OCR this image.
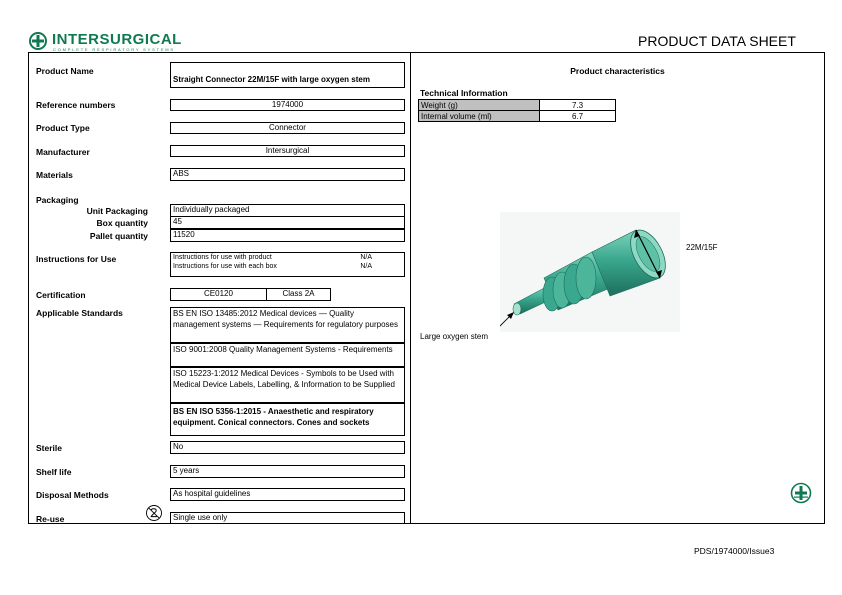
INTERSURGICAL
COMPLETE RESPIRATORY SYSTEMS
PRODUCT DATA SHEET
Product Name
Straight Connector 22M/15F with large oxygen stem
Reference numbers	1974000
Product Type	Connector
Manufacturer	Intersurgical
Materials	ABS
Packaging
Unit Packaging	Individually packaged
Box quantity	45
Pallet quantity	11520
Instructions for Use	Instructions for use with product	N/A
Instructions for use with each box	N/A
Certification	CE0120	Class 2A
Applicable Standards	BS EN ISO 13485:2012 Medical devices — Quality management systems — Requirements for regulatory purposes
ISO 9001:2008 Quality Management Systems - Requirements
ISO 15223-1:2012 Medical Devices - Symbols to be Used with Medical Device Labels, Labelling, & Information to be Supplied
BS EN ISO 5356-1:2015 - Anaesthetic and respiratory equipment. Conical connectors. Cones and sockets
Sterile	No
Shelf life	5 years
Disposal Methods	As hospital guidelines
Re-use	Single use only
Product characteristics
Technical Information
Weight (g)	7.3
Internal volume (ml)	6.7
22M/15F
Large oxygen stem
PDS/1974000/Issue3
